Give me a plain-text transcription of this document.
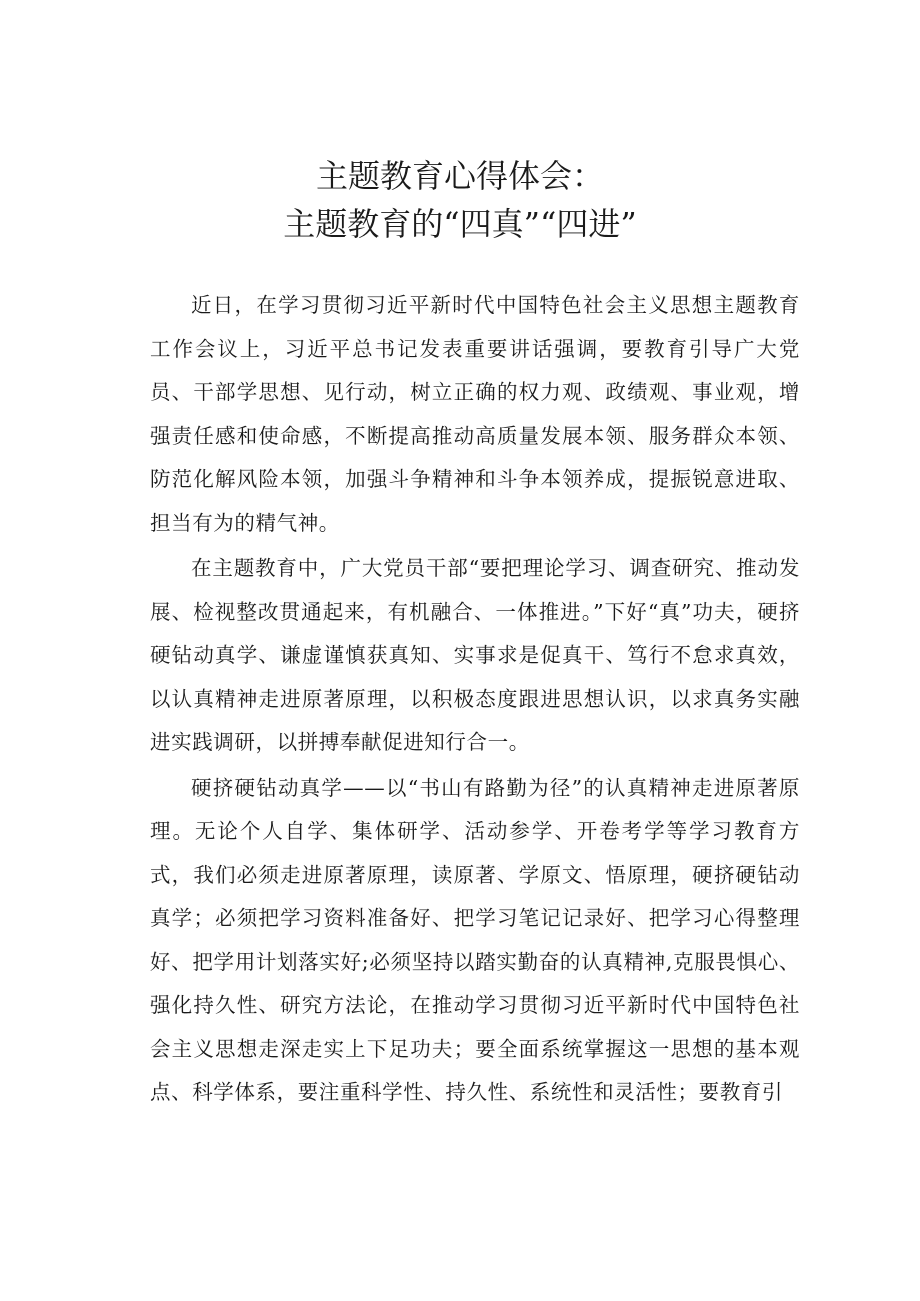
主题教育心得体会：
主题教育的“四真”“四进”

近日，在学习贯彻习近平新时代中国特色社会主义思想主题教育工作会议上，习近平总书记发表重要讲话强调，要教育引导广大党员、干部学思想、见行动，树立正确的权力观、政绩观、事业观，增强责任感和使命感，不断提高推动高质量发展本领、服务群众本领、防范化解风险本领，加强斗争精神和斗争本领养成，提振锐意进取、担当有为的精气神。

在主题教育中，广大党员干部“要把理论学习、调查研究、推动发展、检视整改贯通起来，有机融合、一体推进。”下好“真”功夫，硬挤硬钻动真学、谦虚谨慎获真知、实事求是促真干、笃行不怠求真效，以认真精神走进原著原理，以积极态度跟进思想认识，以求真务实融进实践调研，以拼搏奉献促进知行合一。

硬挤硬钻动真学——以“书山有路勤为径”的认真精神走进原著原理。无论个人自学、集体研学、活动参学、开卷考学等学习教育方式，我们必须走进原著原理，读原著、学原文、悟原理，硬挤硬钻动真学；必须把学习资料准备好、把学习笔记记录好、把学习心得整理好、把学用计划落实好;必须坚持以踏实勤奋的认真精神,克服畏惧心、强化持久性、研究方法论，在推动学习贯彻习近平新时代中国特色社会主义思想走深走实上下足功夫；要全面系统掌握这一思想的基本观点、科学体系，要注重科学性、持久性、系统性和灵活性；要教育引
